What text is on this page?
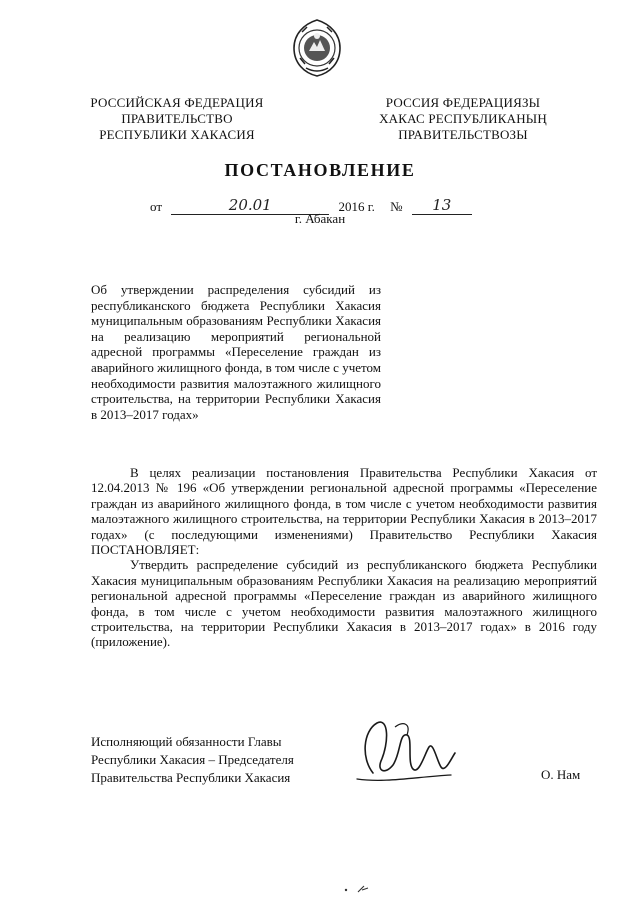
РОССИЙСКАЯ ФЕДЕРАЦИЯ
ПРАВИТЕЛЬСТВО
РЕСПУБЛИКИ ХАКАСИЯ
РОССИЯ ФЕДЕРАЦИЯЗЫ
ХАКАС РЕСПУБЛИКАНЫҢ
ПРАВИТЕЛЬСТВОЗЫ
ПОСТАНОВЛЕНИЕ
от	20.01	2016 г. № 13
г. Абакан
Об утверждении распределения субсидий из республиканского бюджета Республики Хакасия муниципальным образованиям Республики Хакасия на реализацию мероприятий региональной адресной программы «Переселение граждан из аварийного жилищного фонда, в том числе с учетом необходимости развития малоэтажного жилищного строительства, на территории Республики Хакасия в 2013–2017 годах»

В целях реализации постановления Правительства Республики Хакасия от 12.04.2013 № 196 «Об утверждении региональной адресной программы «Переселение граждан из аварийного жилищного фонда, в том числе с учетом необходимости развития малоэтажного жилищного строительства, на территории Республики Хакасия в 2013–2017 годах» (с последующими изменениями) Правительство Республики Хакасия ПОСТАНОВЛЯЕТ:

Утвердить распределение субсидий из республиканского бюджета Республики Хакасия муниципальным образованиям Республики Хакасия на реализацию мероприятий региональной адресной программы «Переселение граждан из аварийного жилищного фонда, в том числе с учетом необходимости развития малоэтажного жилищного строительства, на территории Республики Хакасия в 2013–2017 годах» в 2016 году (приложение).

Исполняющий обязанности Главы
Республики Хакасия – Председателя
Правительства Республики Хакасия	О. Нам
